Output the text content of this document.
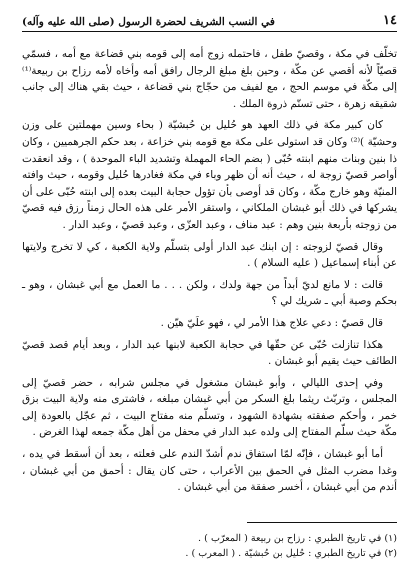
١٤
في النسب الشريف لحضرة الرسول (صلى الله عليه وآله)

تخلّف في مكة ، وقصيّ طفل ، فاحتمله زوج أمه إلى قومه بني قضاعة مع أمه ، فسمّي قصيّاً لأنه أقصي عن مكّة ، وحين بلغ مبلغ الرجال رافق أمه وأخاه لأمه رزاح بن ربيعة⁽¹⁾ إلى مكّة في موسم الحج ، مع لفيف من حجّاج بني قضاعة ، حيث بقي هناك إلى جانب شقيقه زهرة ، حتى تسنّم ذروة الملك .

كان كبير مكة في ذلك العهد هو حُليل بن حُبشيّة ( بحاء وسين مهملتين على وزن وحشيّة )⁽²⁾ وكان قد استولى على مكة مع قومه بني خزاعة ، بعد حكم الجرهميين ، وكان ذا بنين وبنات منهم ابنته حُبّى ( بضم الحاء المهملة وتشديد الباء الموحدة ) ، وقد انعقدت أواصر قصيّ زوجة له ، حيث أنه أن ظهر وباء في مكة فغادرها حُليل وقومه ، حيث وافته المنيّة وهو خارج مكّة ، وكان قد أوصى بأن تؤول حجابة البيت بعده إلى ابنته حُبّى على أن يشركها في ذلك أبو غبشان الملكاني ، واستقر الأمر على هذه الحال زمناً رزق فيه قصيّ من زوجته بأربعة بنين وهم : عبد مناف ، وعبد العزّى ، وعبد قصيّ ، وعبد الدار .

وقال قصيّ لزوجته : إن ابنك عبد الدار أولى بتسلّم ولاية الكعبة ، كي لا تخرج ولايتها عن أبناء إسماعيل ( عليه السلام ) .

قالت : لا مانع لديّ أبداً من جهة ولدك ، ولكن . . . ما العمل مع أبي غبشان ، وهو ـ بحكم وصية أبي ـ شريك لي ؟

قال قصيّ : دعي علاج هذا الأمر لي ، فهو علَيّ هيّن .

هكذا تنازلت حُبّى عن حقّها في حجابة الكعبة لابنها عبد الدار ، وبعد أيام قصد قصيّ الطائف حيث يقيم أبو غبشان .

وفي إحدى الليالي ، وأبو غبشان مشغول في مجلس شرابه ، حضر قصيّ إلى المجلس ، وتربّث ريثما بلغ السكر من أبي غبشان مبلغه ، فاشترى منه ولاية البيت بزق خمر ، وأحكم صفقته بشهادة الشهود ، وتسلّم منه مفتاح البيت ، ثم عجّل بالعودة إلى مكّة حيث سلّم المفتاح إلى ولده عبد الدار في محفل من أهل مكّة جمعه لهذا الغرض .

أما أبو غبشان ، فإنّه لمّا استفاق ندم أشدّ الندم على فعلته ، بعد أن أسقط في يده ، وغدا مضرب المثل في الحمق بين الأعراب ، حتى كان يقال : أحمق من أبي غبشان ، أندم من أبي غبشان ، أخسر صفقة من أبي غبشان .

(١) في تاريخ الطبري : رزاح بن ربيعة ( المعرّب ) .
(٢) في تاريخ الطبري : حُليل بن حُبشيّة . ( المعرب ) .
